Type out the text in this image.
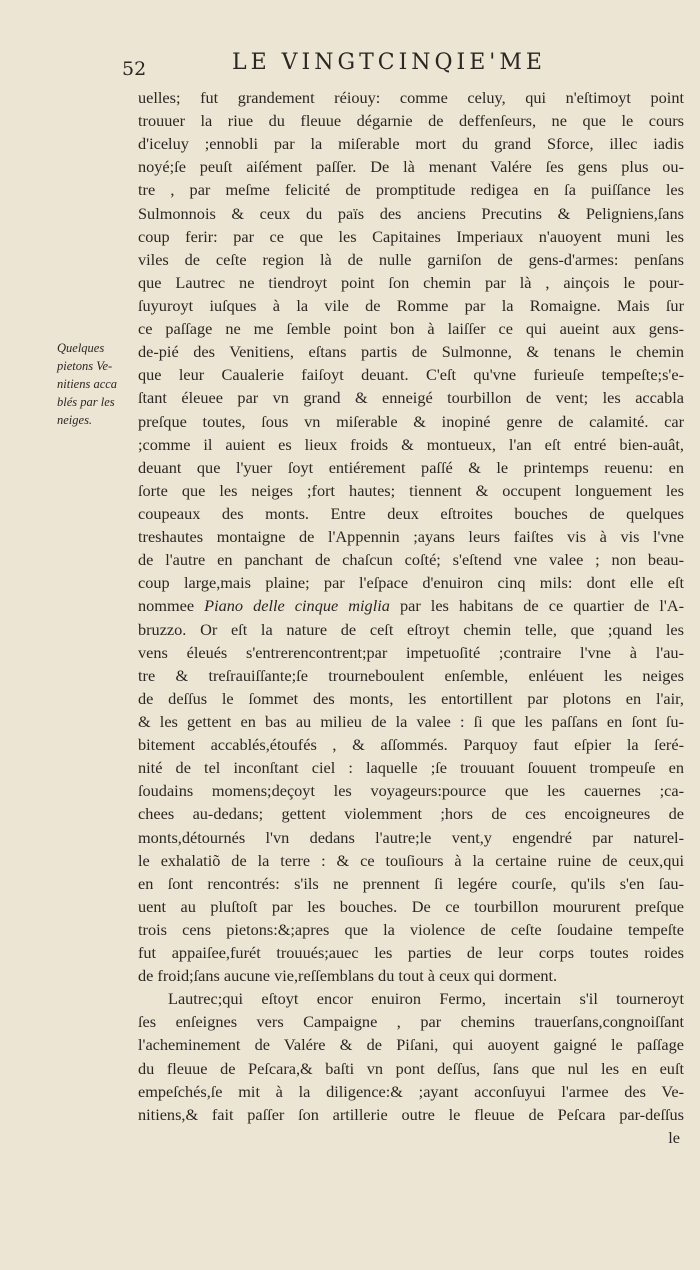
52	LE VINGTCINQIE'ME
Quelques
pietons Ve-
nitiens acca
blés par les
neiges.
uelles; fut grandement réiouy: comme celuy, qui n'eſtimoyt point
trouuer la riue du fleuue dégarnie de deffenſeurs, ne que le cours
d'iceluy ;ennobli par la miſerable mort du grand Sforce, illec iadis
noyé;ſe peuſt aiſément paſſer. De là menant Valére ſes gens plus ou-
tre , par meſme felicité de promptitude redigea en ſa puiſſance les
Sulmonnois & ceux du païs des anciens Precutins & Peligniens,ſans
coup ferir: par ce que les Capitaines Imperiaux n'auoyent muni les
viles de ceſte region là de nulle garniſon de gens-d'armes: penſans
que Lautrec ne tiendroyt point ſon chemin par là , ainçois le pour-
ſuyuroyt iuſques à la vile de Romme par la Romaigne. Mais ſur
ce paſſage ne me ſemble point bon à laiſſer ce qui aueint aux gens-
de-pié des Venitiens, eſtans partis de Sulmonne, & tenans le chemin
que leur Caualerie faiſoyt deuant. C'eſt qu'vne furieuſe tempeſte;s'e-
ſtant éleuee par vn grand & enneigé tourbillon de vent; les accabla
preſque toutes, ſous vn miſerable & inopiné genre de calamité. car
;comme il auient es lieux froids & montueux, l'an eſt entré bien-auât,
deuant que l'yuer ſoyt entiérement paſſé & le printemps reuenu: en
ſorte que les neiges ;fort hautes; tiennent & occupent longuement les
coupeaux des monts. Entre deux eſtroites bouches de quelques
treshautes montaigne de l'Appennin ;ayans leurs faiſtes vis à vis l'vne
de l'autre en panchant de chaſcun coſté; s'eſtend vne valee ; non beau-
coup large,mais plaine; par l'eſpace d'enuiron cinq mils: dont elle eſt
nommee Piano delle cinque miglia par les habitans de ce quartier de l'A-
bruzzo. Or eſt la nature de ceſt eſtroyt chemin telle, que ;quand les
vens éleués s'entrerencontrent;par impetuoſité ;contraire l'vne à l'au-
tre & treſrauiſſante;ſe trourneboulent enſemble, enléuent les neiges
de deſſus le ſommet des monts, les entortillent par plotons en l'air,
& les gettent en bas au milieu de la valee : ſi que les paſſans en ſont ſu-
bitement accablés,étoufés , & aſſommés. Parquoy faut eſpier la ſeré-
nité de tel inconſtant ciel : laquelle ;ſe trouuant ſouuent trompeuſe en
ſoudains momens;deçoyt les voyageurs:pource que les cauernes ;ca-
chees au-dedans; gettent violemment ;hors de ces encoigneures de
monts,détournés l'vn dedans l'autre;le vent,y engendré par naturel-
le exhalatiõ de la terre : & ce touſiours à la certaine ruine de ceux,qui
en ſont rencontrés: s'ils ne prennent ſi legére courſe, qu'ils s'en ſau-
uent au pluſtoſt par les bouches. De ce tourbillon moururent preſque
trois cens pietons:&;apres que la violence de ceſte ſoudaine tempeſte
fut appaiſee,furét trouués;auec les parties de leur corps toutes roides
de froid;ſans aucune vie,reſſemblans du tout à ceux qui dorment.
Lautrec;qui eſtoyt encor enuiron Fermo, incertain s'il tourneroyt
ſes enſeignes vers Campaigne , par chemins trauerſans,congnoiſſant
l'acheminement de Valére & de Piſani, qui auoyent gaigné le paſſage
du fleuue de Peſcara,& baſti vn pont deſſus, ſans que nul les en euſt
empeſchés,ſe mit à la diligence:& ;ayant acconſuyui l'armee des Ve-
nitiens,& fait paſſer ſon artillerie outre le fleuue de Peſcara par-deſſus
le
